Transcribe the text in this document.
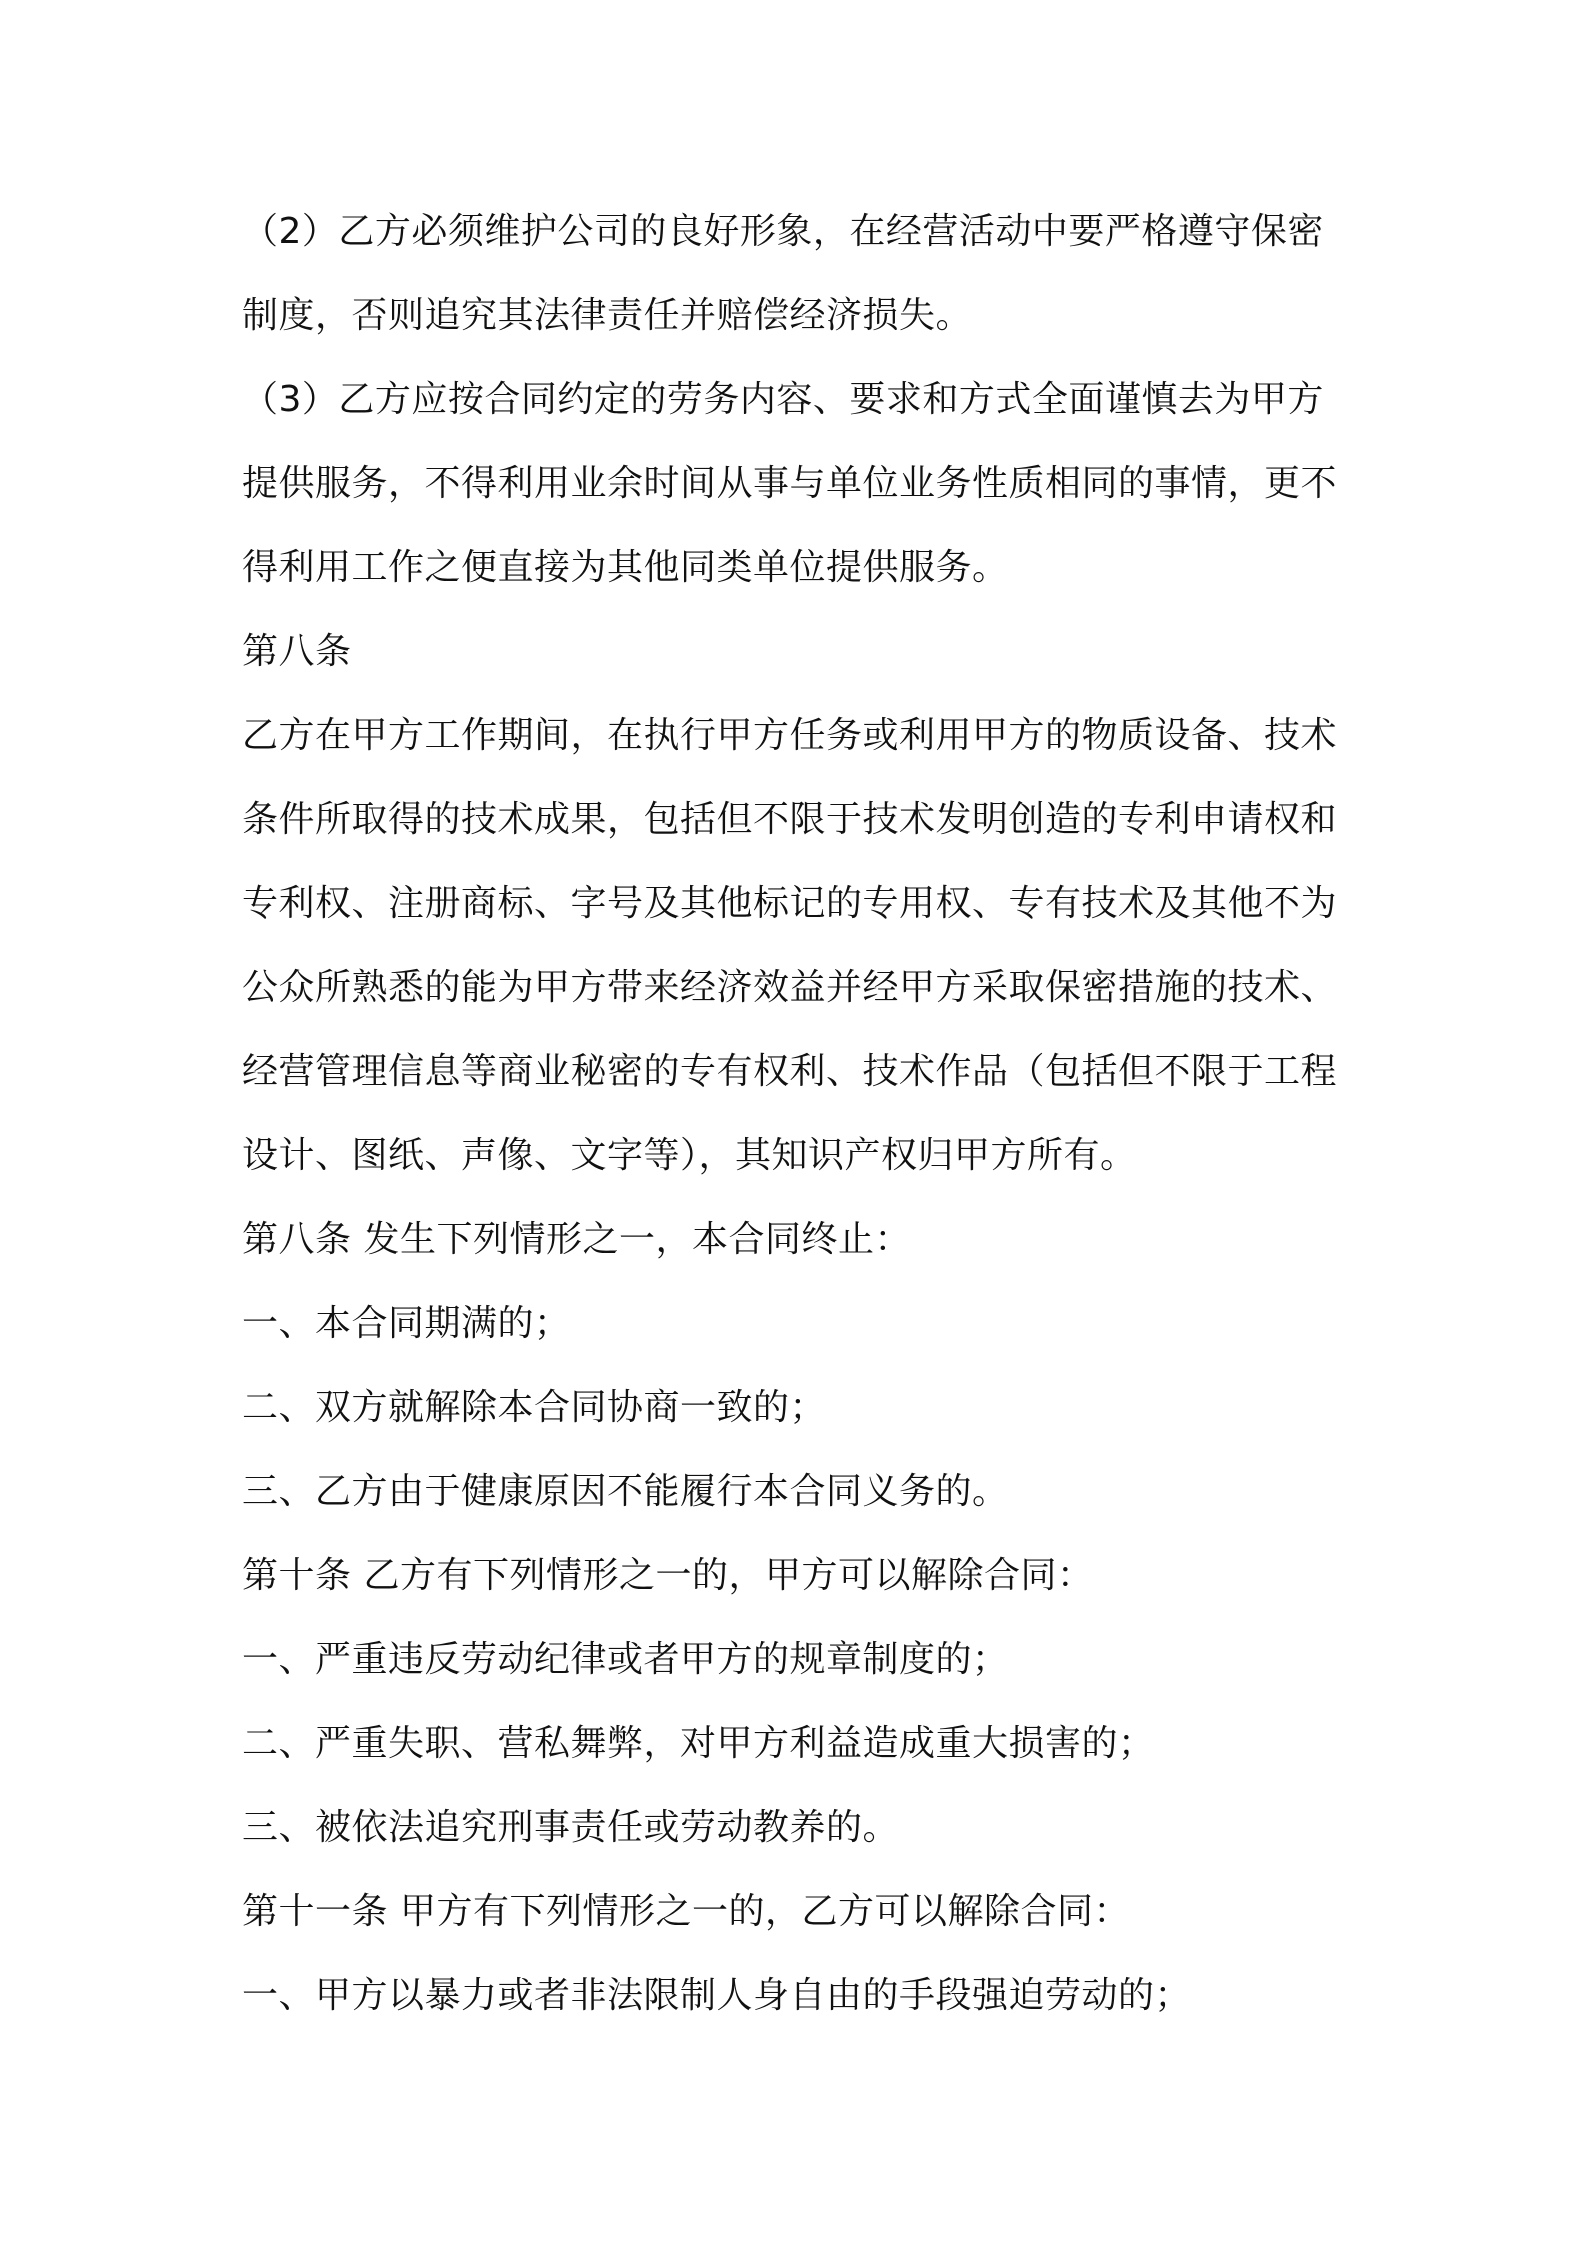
（2）乙方必须维护公司的良好形象，在经营活动中要严格遵守保密
制度，否则追究其法律责任并赔偿经济损失。
（3）乙方应按合同约定的劳务内容、要求和方式全面谨慎去为甲方
提供服务，不得利用业余时间从事与单位业务性质相同的事情，更不
得利用工作之便直接为其他同类单位提供服务。
第八条
乙方在甲方工作期间，在执行甲方任务或利用甲方的物质设备、技术
条件所取得的技术成果，包括但不限于技术发明创造的专利申请权和
专利权、注册商标、字号及其他标记的专用权、专有技术及其他不为
公众所熟悉的能为甲方带来经济效益并经甲方采取保密措施的技术、
经营管理信息等商业秘密的专有权利、技术作品（包括但不限于工程
设计、图纸、声像、文字等），其知识产权归甲方所有。
第八条 发生下列情形之一，本合同终止：
一、本合同期满的；
二、双方就解除本合同协商一致的；
三、乙方由于健康原因不能履行本合同义务的。
第十条 乙方有下列情形之一的，甲方可以解除合同：
一、严重违反劳动纪律或者甲方的规章制度的；
二、严重失职、营私舞弊，对甲方利益造成重大损害的；
三、被依法追究刑事责任或劳动教养的。
第十一条 甲方有下列情形之一的，乙方可以解除合同：
一、甲方以暴力或者非法限制人身自由的手段强迫劳动的；
